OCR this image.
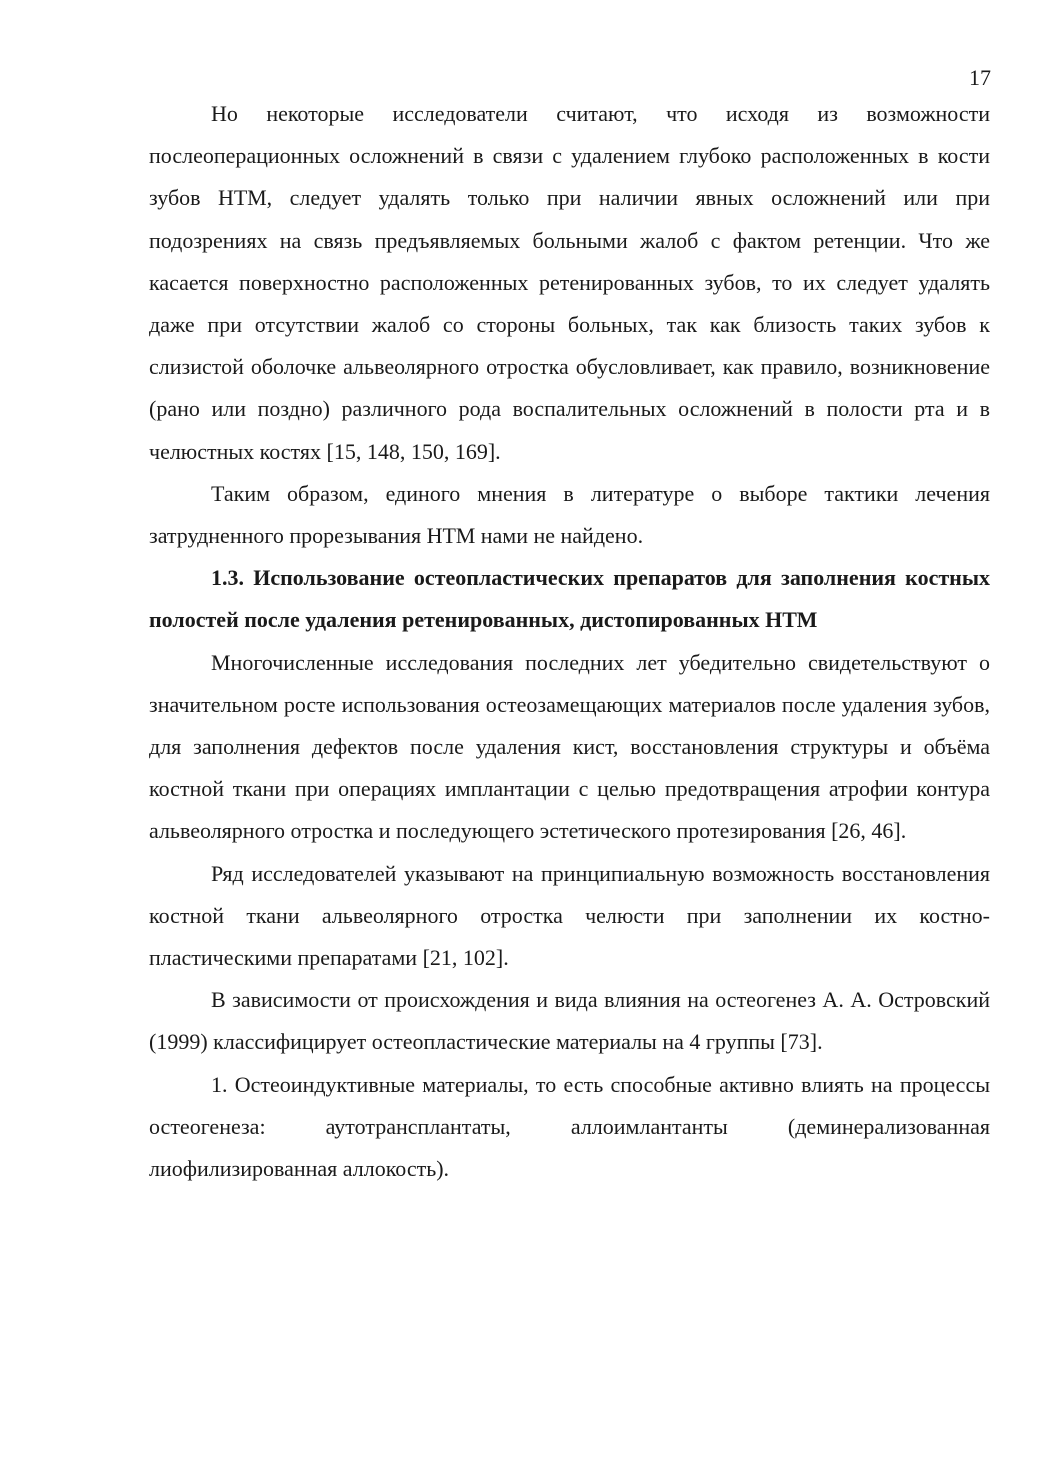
17

Но некоторые исследователи считают, что исходя из возможности послеоперационных осложнений в связи с удалением глубоко расположенных в кости зубов НТМ, следует удалять только при наличии явных осложнений или при подозрениях на связь предъявляемых больными жалоб с фактом ретенции. Что же касается поверхностно расположенных ретенированных зубов, то их следует удалять даже при отсутствии жалоб со стороны больных, так как близость таких зубов к слизистой оболочке альвеолярного отростка обусловливает, как правило, возникновение (рано или поздно) различного рода воспалительных осложнений в полости рта и в челюстных костях [15, 148, 150, 169].

Таким образом, единого мнения в литературе о выборе тактики лечения затрудненного прорезывания НТМ нами не найдено.

1.3. Использование остеопластических препаратов для заполнения костных полостей после удаления ретенированных, дистопированных НТМ

Многочисленные исследования последних лет убедительно свидетельствуют о значительном росте использования остеозамещающих материалов после удаления зубов, для заполнения дефектов после удаления кист, восстановления структуры и объёма костной ткани при операциях имплантации с целью предотвращения атрофии контура альвеолярного отростка и последующего эстетического протезирования [26, 46].

Ряд исследователей указывают на принципиальную возможность восстановления костной ткани альвеолярного отростка челюсти при заполнении их костно-пластическими препаратами [21, 102].

В зависимости от происхождения и вида влияния на остеогенез А. А. Островский (1999) классифицирует остеопластические материалы на 4 группы [73].

1. Остеоиндуктивные материалы, то есть способные активно влиять на процессы остеогенеза: аутотрансплантаты, аллоимлантанты (деминерализованная лиофилизированная аллокость).
